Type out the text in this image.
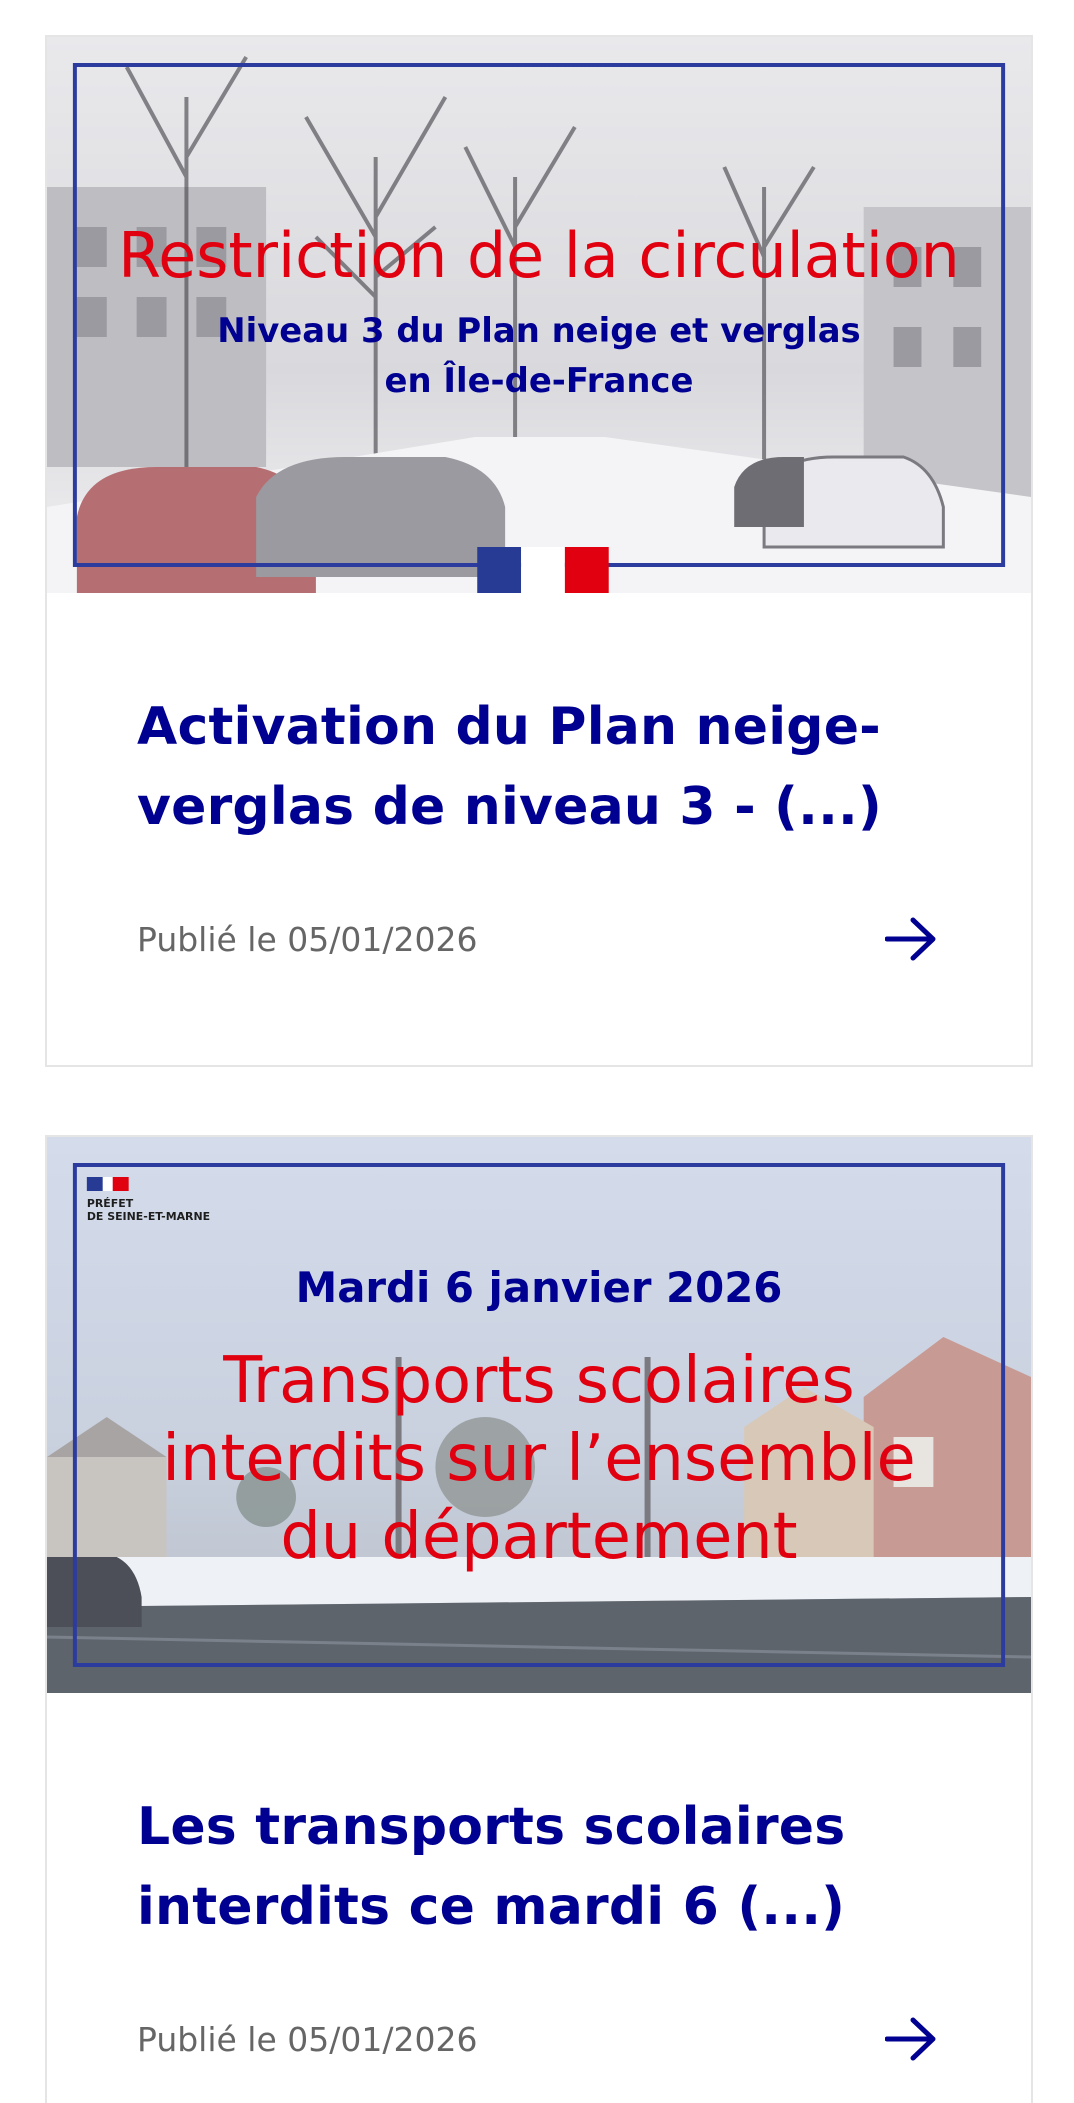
Restriction de la circulation
Niveau 3 du Plan neige et verglas
en Île-de-France
Activation du Plan neige-
verglas de niveau 3 - (...)
Publié le 05/01/2026
PRÉFET
DE SEINE-ET-MARNE
Mardi 6 janvier 2026
Transports scolaires
interdits sur l’ensemble
du département
Les transports scolaires
interdits ce mardi 6 (...)
Publié le 05/01/2026
